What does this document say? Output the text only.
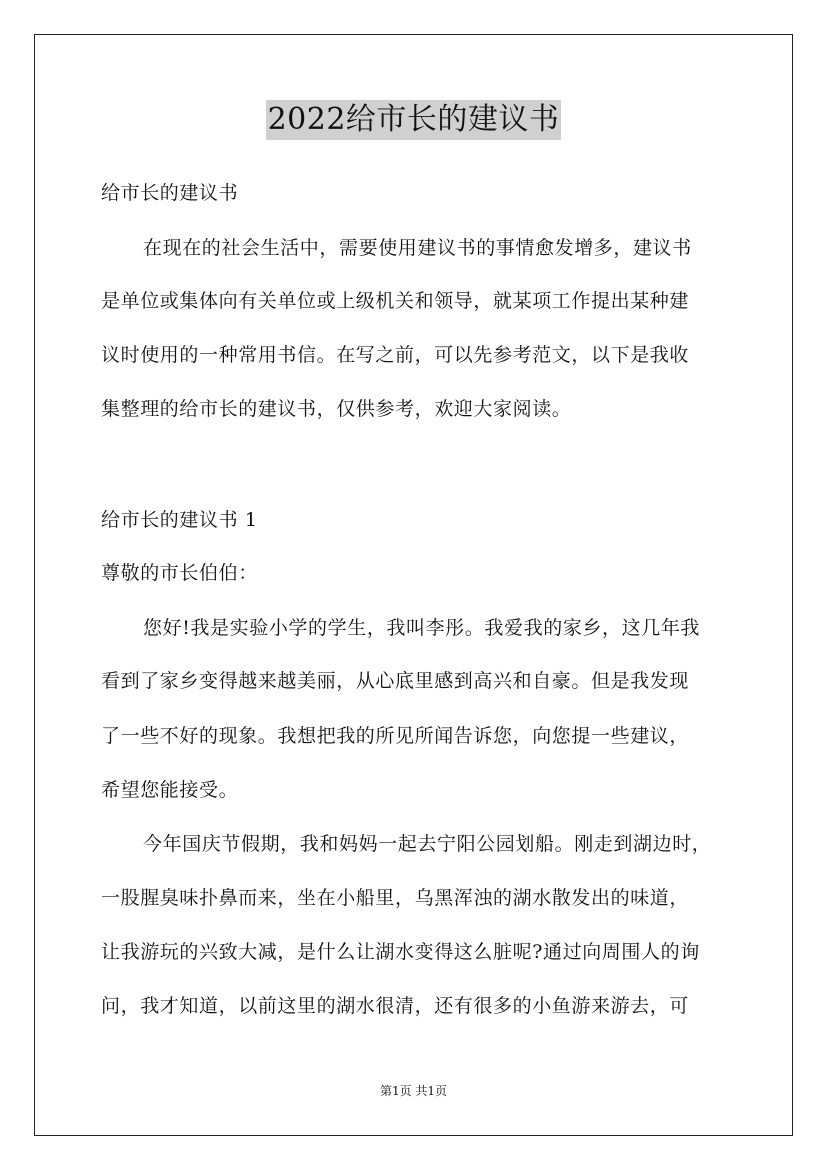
2022给市长的建议书
给市长的建议书
在现在的社会生活中，需要使用建议书的事情愈发增多，建议书
是单位或集体向有关单位或上级机关和领导，就某项工作提出某种建
议时使用的一种常用书信。在写之前，可以先参考范文，以下是我收
集整理的给市长的建议书，仅供参考，欢迎大家阅读。
给市长的建议书 1
尊敬的市长伯伯：
您好!我是实验小学的学生，我叫李彤。我爱我的家乡，这几年我
看到了家乡变得越来越美丽，从心底里感到高兴和自豪。但是我发现
了一些不好的现象。我想把我的所见所闻告诉您，向您提一些建议，
希望您能接受。
今年国庆节假期，我和妈妈一起去宁阳公园划船。刚走到湖边时，
一股腥臭味扑鼻而来，坐在小船里，乌黑浑浊的湖水散发出的味道，
让我游玩的兴致大减，是什么让湖水变得这么脏呢?通过向周围人的询
问，我才知道，以前这里的湖水很清，还有很多的小鱼游来游去，可
第1页 共1页
